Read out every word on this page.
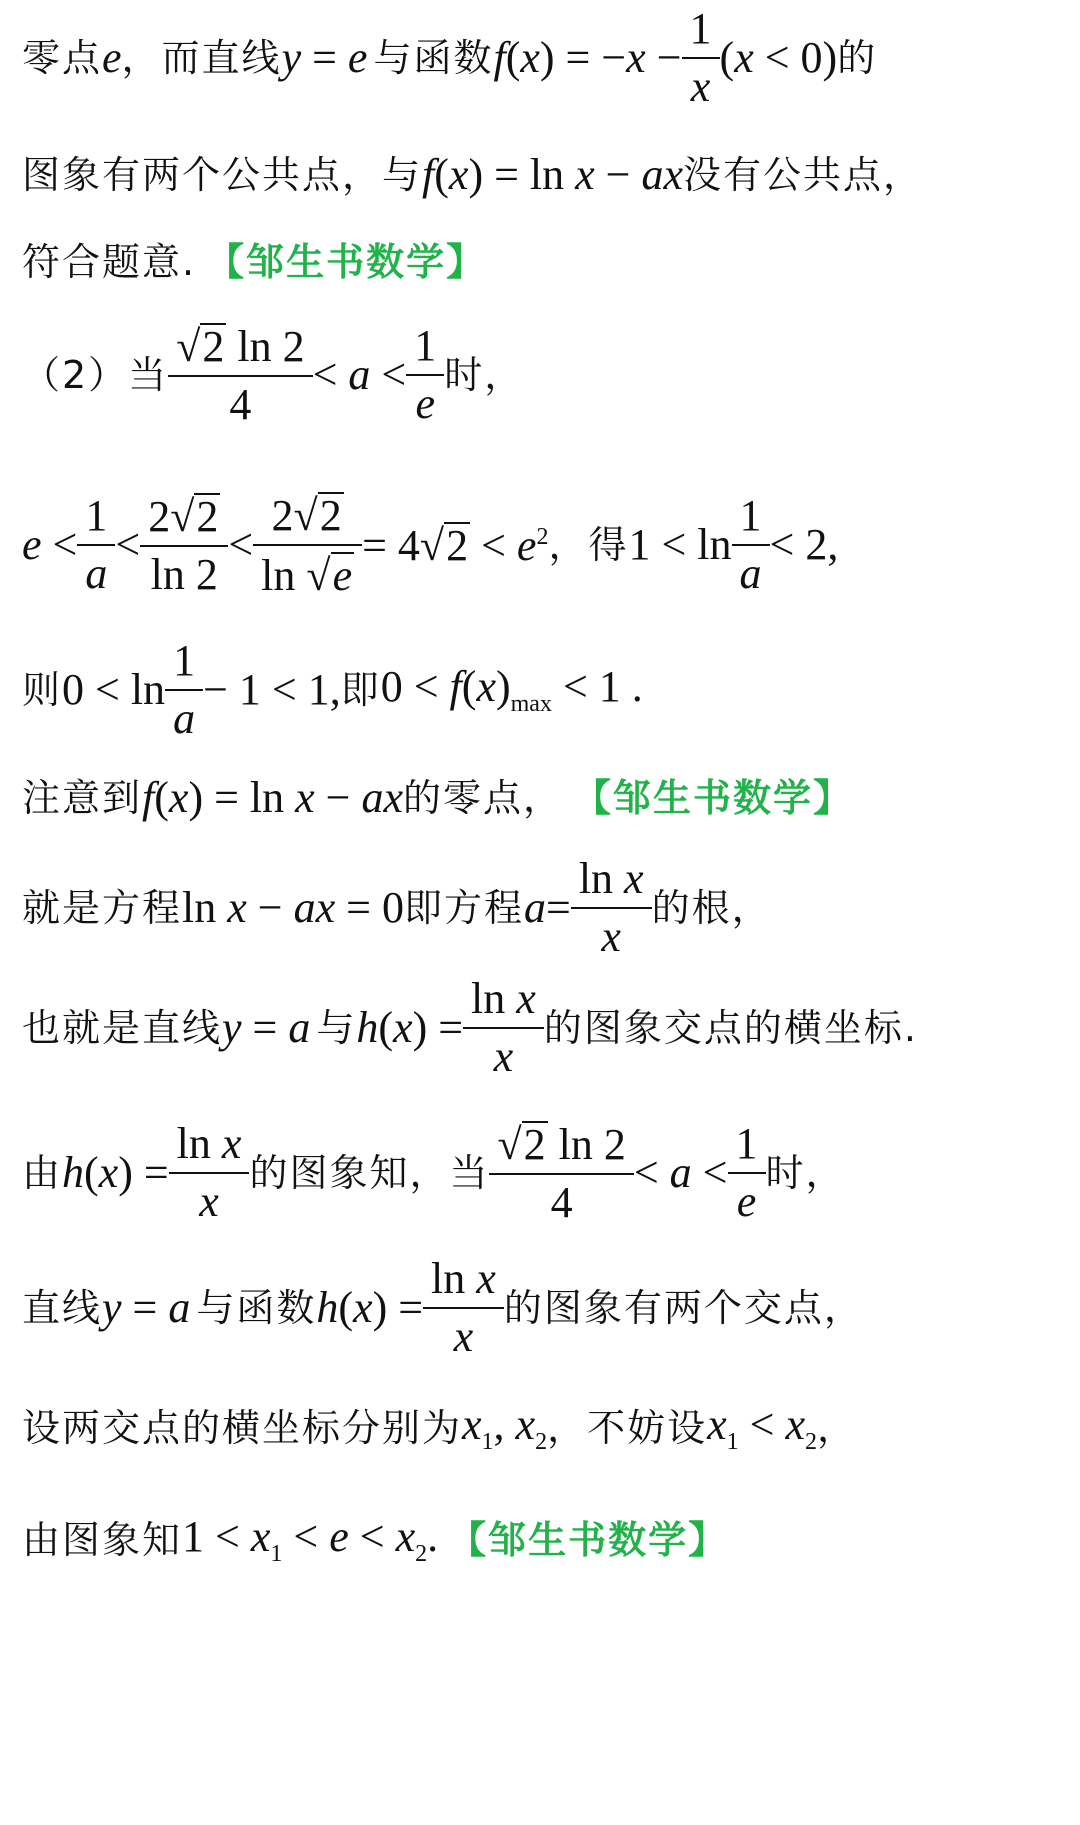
零点 e ，而直线 y = e 与函数 $f(x) = -x - \frac{1}{x} (x < 0)$ 的
图象有两个公共点，与 f(x) = ln x − ax 没有公共点，
符合题意. 【邹生书数学】
（2）当 $\frac{√ 2 \ln 2}{4} < a < \frac{1}{e}$ 时，
$e < \frac{1}{a} < \frac{2 √ 2}{\ln 2} < \frac{2 √ 2}{\ln √ e} = 4$ √ $2 < e^2$ ，得 $1 < \ln \frac{1}{a} < 2$,
则 $0 < \ln \frac{1}{a} - 1 < 1$, 即 $0 < f(x)_{max} < 1$ .
注意到 f(x) = ln x − ax 的零点， 【邹生书数学】
就是方程 ln x − ax = 0 即方程 $a = \frac{\text{ln x}}{x}$ 的根，
也就是直线 y = a 与 $h(x) = \frac{\text{ln x}}{x}$ 的图象交点的横坐标.
由 $h(x) = \frac{\text{ln x}}{x}$ 的图象知，当 $\frac{√ 2 \ln 2}{4} < a < \frac{1}{e}$ 时，
直线 y = a 与函数 $h(x) = \frac{\text{ln x}}{x}$ 的图象有两个交点，
设两交点的横坐标分别为 $x_1$, $x_2$ ，不妨设 $x_1 < x_2$ ，
由图象知 $1 < x_1 < e < x_2$. 【邹生书数学】
